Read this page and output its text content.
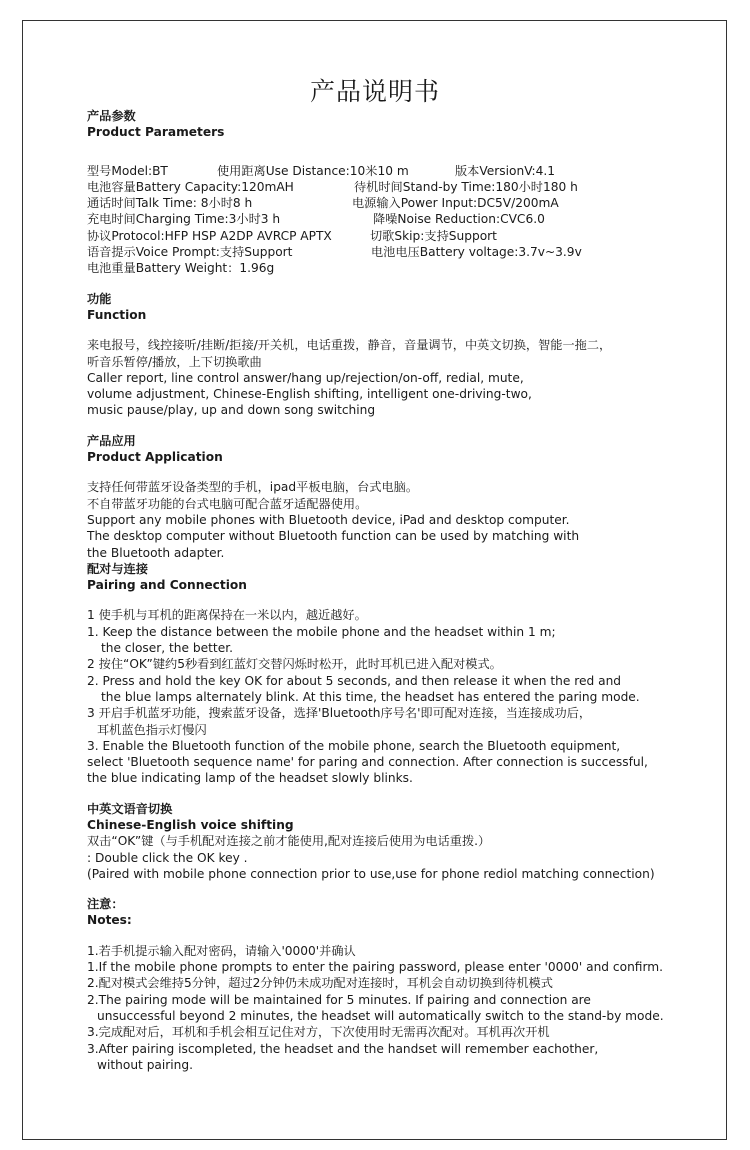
产品说明书
产品参数
Product Parameters
型号Model:BT	使用距离Use Distance:10米10 m	版本VersionV:4.1
电池容量Battery Capacity:120mAH	待机时间Stand-by Time:180小时180 h
通话时间Talk Time: 8小时8 h	电源输入Power Input:DC5V/200mA
充电时间Charging Time:3小时3 h	降噪Noise Reduction:CVC6.0
协议Protocol:HFP HSP A2DP AVRCP APTX	切歌Skip:支持Support
语音提示Voice Prompt:支持Support	电池电压Battery voltage:3.7v~3.9v
电池重量Battery Weight：1.96g
功能
Function
来电报号，线控接听/挂断/拒接/开关机，电话重拨，静音，音量调节，中英文切换，智能一拖二，
听音乐暂停/播放，上下切换歌曲
Caller report, line control answer/hang up/rejection/on-off, redial, mute,
volume adjustment, Chinese-English shifting, intelligent one-driving-two,
music pause/play, up and down song switching
产品应用
Product Application
支持任何带蓝牙设备类型的手机，ipad平板电脑，台式电脑。
不自带蓝牙功能的台式电脑可配合蓝牙适配器使用。
Support any mobile phones with Bluetooth device, iPad and desktop computer.
The desktop computer without Bluetooth function can be used by matching with
the Bluetooth adapter.
配对与连接
Pairing and Connection
1 使手机与耳机的距离保持在一米以内，越近越好。
1. Keep the distance between the mobile phone and the headset within 1 m;
the closer, the better.
2 按住“OK”键约5秒看到红蓝灯交替闪烁时松开，此时耳机已进入配对模式。
2. Press and hold the key OK for about 5 seconds, and then release it when the red and
the blue lamps alternately blink. At this time, the headset has entered the paring mode.
3 开启手机蓝牙功能，搜索蓝牙设备，选择'Bluetooth序号名'即可配对连接，当连接成功后，
耳机蓝色指示灯慢闪
3. Enable the Bluetooth function of the mobile phone, search the Bluetooth equipment,
select 'Bluetooth sequence name' for paring and connection. After connection is successful,
the blue indicating lamp of the headset slowly blinks.
中英文语音切换
Chinese-English voice shifting
双击“OK”键（与手机配对连接之前才能使用,配对连接后使用为电话重拨.）
: Double click the OK key .
(Paired with mobile phone connection prior to use,use for phone rediol matching connection)
注意：
Notes:
1.若手机提示输入配对密码，请输入'0000'并确认
1.If the mobile phone prompts to enter the pairing password, please enter '0000' and confirm.
2.配对模式会维持5分钟，超过2分钟仍未成功配对连接时，耳机会自动切换到待机模式
2.The pairing mode will be maintained for 5 minutes. If pairing and connection are
unsuccessful beyond 2 minutes, the headset will automatically switch to the stand-by mode.
3.完成配对后，耳机和手机会相互记住对方，下次使用时无需再次配对。耳机再次开机
3.After pairing iscompleted, the headset and the handset will remember eachother,
without pairing.
